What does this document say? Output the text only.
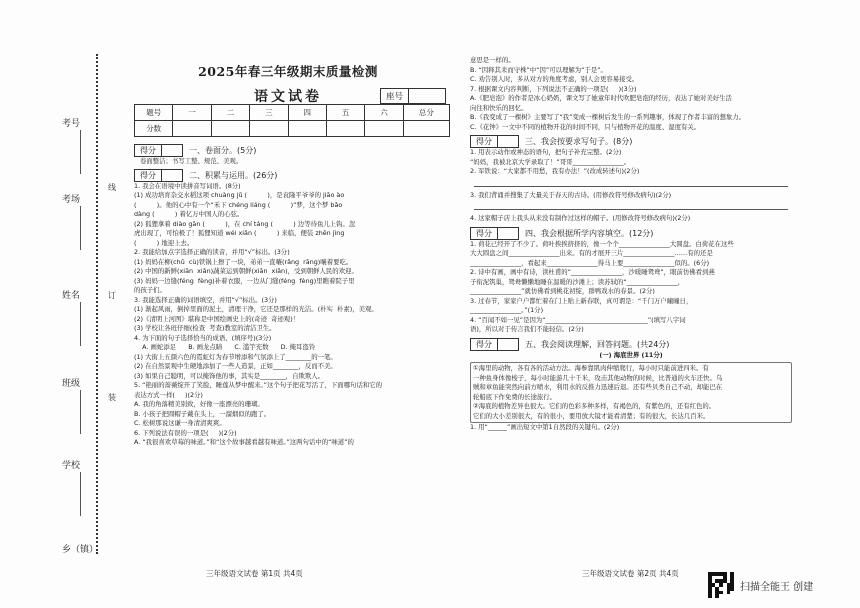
考号
考场
姓名
班级
学校
乡（镇）
线
订
装
2025年春三年级期末质量检测
语文试卷	座号
题号	一	二	三	四	五	六	总分
分数							
得分	一、卷面分。(5分)
卷面整洁；书写工整、规范、美观。
得分	二、积累与运用。(26分)
1. 我会在语境中读拼音写词语。(8分)
(1) 成功培育杂交水稻这项 chuàng jǔ (          )，是袁隆平爷爷的 jiāo ào
(          )。他的心中有一个“禾下 chéng liáng (          )”梦，这个梦 bǎo
dàng (          ) 着亿万中国人的心弦。
(2) 狐狸拿着 diào gān (          )，在 chí táng (          ) 边等待鱼儿上钩。忽
虎出现了，可怕极了！狐狸知道 wéi xiǎn (          ) 来临，便装 zhēn jìng
(          ) 地迎上去。
2. 我能给加点字选择正确的读音，并用“√”标出。(3分)
(1) 妈妈在柳(chǔ  cù)铁锅上擦了一块，弟弟一直嚷(rǎng  rāng)嚷着要吃。
(2) 中国的新鲜(xiān  xiǎn)蔬菜运到朝鲜(xiān  xiǎn)，受到朝鲜人民的欢迎。
(3) 妈妈一边缝(féng  fèng)补着衣服，一边从门缝(féng  fèng)里瞧着院子里
的孩子们。
3. 我能选择正确的词语填空，并用“√”标出。(3分)
(1) 渐起风雨，倒掉里面的泥土，清理干净，它还是那样的光洁。(朴实  朴素)，美观。
(2)《清明上河图》堪称是中国绘画史上的(奇迹  奇迹观)！
(3) 学校让各班仔细(检查  考查)教室的清洁卫生。
4. 为下面的句子选择恰当的成语、(填序号)(3分)
A. 画蛇添足      B. 画龙点睛      C. 滥竽充数      D. 掩耳盗铃
(1) 大街上五颜六色的霓虹灯为春节增添和气氛添上了________的一笔。
(2) 在自然景观中生硬地添加了一些人造景，正如________，反而不美。
(3) 如果自己聪明，可以掩饰他的事，其实是________，自欺欺人。
5. “艳丽的蔷薇绽开了笑脸，睡莲从梦中醒来。”这个句子把花写活了，下面哪句话和它的
表达方式一样(     )(2分)
A. 我的角落精美别致，好像一座漂亮的珊瑚。
B. 小孩子把圆帽子戴在头上，一溜烟似的跑了。
C. 松树那说这谦一身清清爽爽。
6. 下列说法有误的一项是(     )(2分)
A. “我很喜欢草莓的味道。”和“这个故事越看越有味道。”这两句话中的“味道”的
三年级语文试卷 第1页 共4页
意思是一样的。
B. “因释其耒而守株”中“因”可以理解为“于是”。
C. 劝告别人时，多从对方的角度考虑，别人会更容易接受。
7. 根据课文内容判断，下列说法不正确的一项是(     )(3分)
A.《肥皂泡》的作者是冰心奶奶，课文写了她童年时代吹肥皂泡的经历，表达了她对美好生活
向往和快乐的回忆。
B.《我变成了一棵树》主要写了“我”变成一棵树后发生的一系列趣事，体现了作者丰富的想象力。
C.《花钟》一文中不同的植物开花的时间不同，只与植物开花的温度、湿度有关。
得分	三、我会按要求写句子。(8分)
1. 用表示动作或神态的语句，把句子补充完整。(2分)
“妈妈，我被北京大学录取了！”哥哥________________。
2. 军铁说：“大家都不用愁，我有办法！”(改成转述句)(2分)
3. 我们背诵并搜集了大量关于春天的古诗。(用修改符号修改病句)(2分)
4. 这家帽子店上我头从来没有制作过这样的帽子。(用修改符号修改病句)(2分)
得分	四、我会根据所学内容填空。(12分)
1. 荷花已经开了不少了。荷叶挨挨挤挤的，像一个个________________大圆盘。白荷花在这些
大大圆盘之间________________出来。有的才展开三片________________……有的还是
________________，看起来________________得马上要________________似的。(6分)
2. 诗中有画，画中有诗，读杜甫的“________________，沙暖睡鸳鸯”，眼前仿佛看到燕
子衔泥筑巢，鸳鸯懒懒地睡在温暖的沙滩上；读苏轼的“________________，
________________”就仿佛看到桃花初绽，群鸭戏水的春景。(2分)
3. 过春节，家家户户都忙着在门上贴上新春联，真可谓是：“千门万户曈曈日，
________________。”(1分)
4. “百闻不如一见”是因为“________________________________”(填写八字词
语)，所以对于传言我们不能轻信。(2分)
得分	五、我会阅读理解，回答问题。(共24分)
(一) 海底世界 (11分)
①海里的动物，各有各的活动方法。海参靠肌肉伸缩爬行，每小时只能前进四米。有
一种鱼身体像梭子，每小时能游几十千米，攻击其他动物的时候，比普通的火车还快。乌
贼和章鱼能突然向前方喷水，利用水的反推力迅速后退。还有些贝类自己不动，却能巴在
轮船底下作免费的长途旅行。
②海底的植物差异也很大。它们的色彩多种多样，有褐色的，有紫色的，还有红色的。
它们的大小差别很大，有的很小，要用放大镜才能看清楚；有的很大，长达几百米。
1. 用“______”画出短文中第1自然段的关键句。(2分)
三年级语文试卷 第2页 共4页
扫描全能王 创建
